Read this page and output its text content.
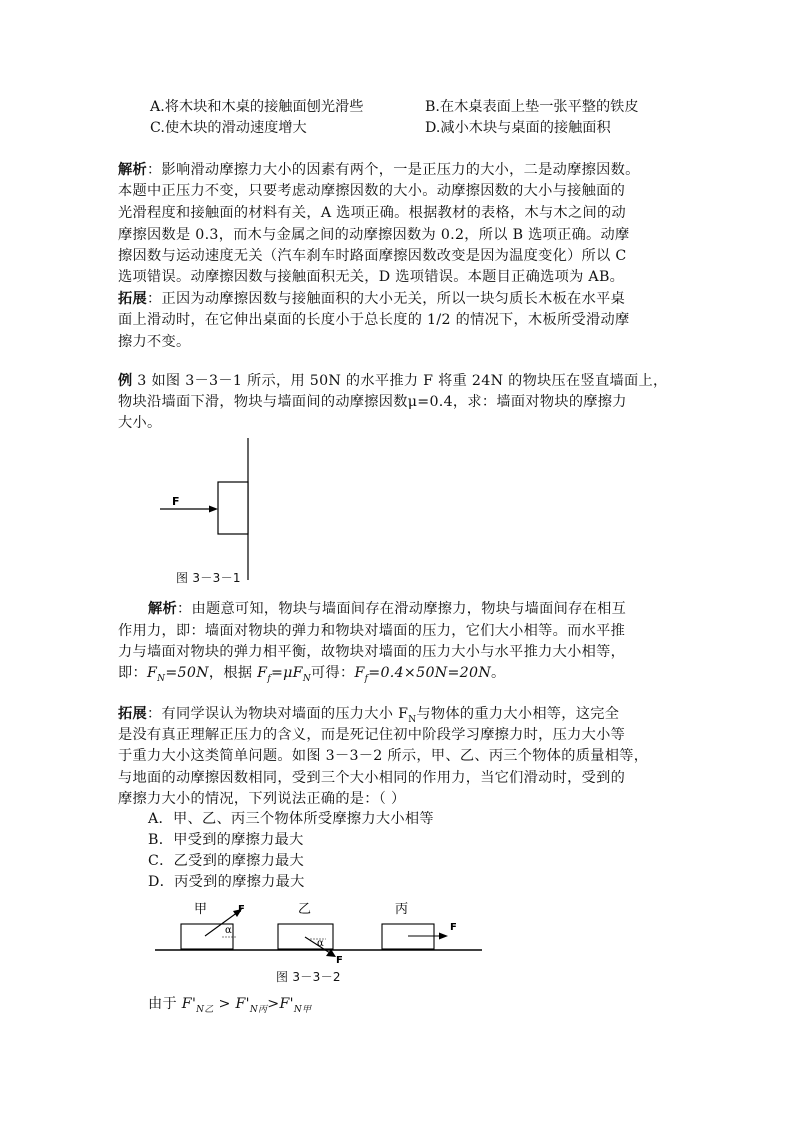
A.将木块和木桌的接触面刨光滑些	B.在木桌表面上垫一张平整的铁皮
C.使木块的滑动速度增大	D.减小木块与桌面的接触面积
解析：影响滑动摩擦力大小的因素有两个，一是正压力的大小，二是动摩擦因数。
本题中正压力不变，只要考虑动摩擦因数的大小。动摩擦因数的大小与接触面的
光滑程度和接触面的材料有关，A 选项正确。根据教材的表格，木与木之间的动
摩擦因数是 0.3，而木与金属之间的动摩擦因数为 0.2，所以 B 选项正确。动摩
擦因数与运动速度无关（汽车刹车时路面摩擦因数改变是因为温度变化）所以 C
选项错误。动摩擦因数与接触面积无关，D 选项错误。本题目正确选项为 AB。
拓展：正因为动摩擦因数与接触面积的大小无关，所以一块匀质长木板在水平桌
面上滑动时，在它伸出桌面的长度小于总长度的 1/2 的情况下，木板所受滑动摩
擦力不变。
例 3 如图 3－3－1 所示，用 50N 的水平推力 F 将重 24N 的物块压在竖直墙面上，
物块沿墙面下滑，物块与墙面间的动摩擦因数μ=0.4，求：墙面对物块的摩擦力
大小。
F
图 3－3－1
解析：由题意可知，物块与墙面间存在滑动摩擦力，物块与墙面间存在相互
作用力，即：墙面对物块的弹力和物块对墙面的压力，它们大小相等。而水平推
力与墙面对物块的弹力相平衡，故物块对墙面的压力大小与水平推力大小相等，
即：$F_N=50N$，根据 $F_f=\mu F_N$可得：$F_f=0.4\times 50N=20N$。
拓展：有同学误认为物块对墙面的压力大小 $F_N$与物体的重力大小相等，这完全
是没有真正理解正压力的含义，而是死记住初中阶段学习摩擦力时，压力大小等
于重力大小这类简单问题。如图 3－3－2 所示，甲、乙、丙三个物体的质量相等，
与地面的动摩擦因数相同，受到三个大小相同的作用力，当它们滑动时，受到的
摩擦力大小的情况，下列说法正确的是：（ ）
A．甲、乙、丙三个物体所受摩擦力大小相等
B．甲受到的摩擦力最大
C．乙受到的摩擦力最大
D．丙受到的摩擦力最大
甲	F
α
乙
F
α
丙
F
图 3－3－2
由于 $F'_{N乙} > F'_{N丙}>F'_{N甲}$
